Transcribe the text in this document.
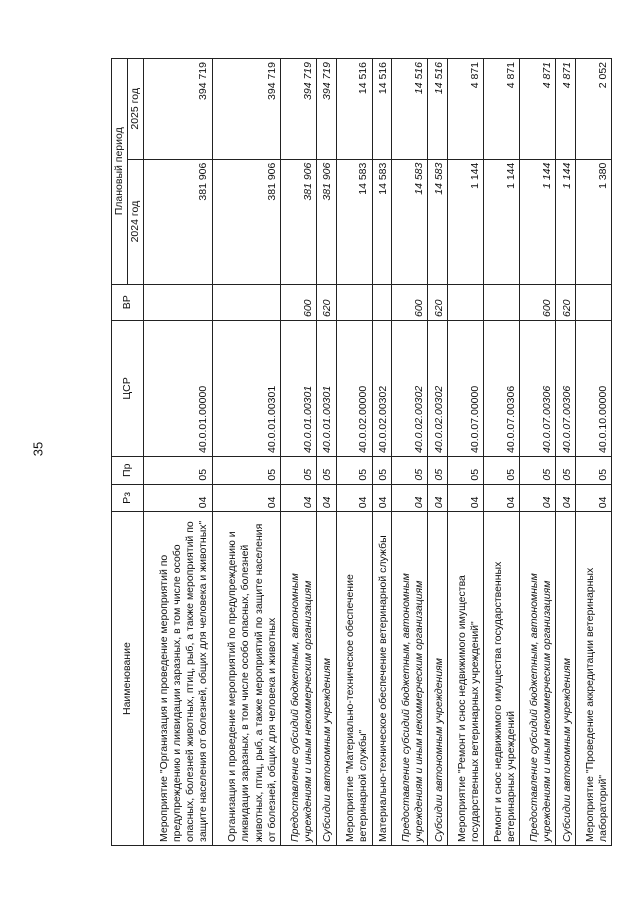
35
Наименование	Рз	Пр	ЦСР	ВР	Плановый период	
					2024 год	2025 год
Мероприятие "Организация и проведение мероприятий по предупреждению и ликвидации заразных, в том числе особо опасных, болезней животных, птиц, рыб, а также мероприятий по защите населения от болезней, общих для человека и животных"	04	05	40.0.01.00000		381 906	394 719
Организация и проведение мероприятий по предупреждению и ликвидации заразных, в том числе особо опасных, болезней животных, птиц, рыб, а также мероприятий по защите населения от болезней, общих для человека и животных	04	05	40.0.01.00301		381 906	394 719
Предоставление субсидий бюджетным, автономным учреждениям и иным некоммерческим организациям	04	05	40.0.01.00301	600	381 906	394 719
Субсидии автономным учреждениям	04	05	40.0.01.00301	620	381 906	394 719
Мероприятие "Материально-техническое обеспечение ветеринарной службы"	04	05	40.0.02.00000		14 583	14 516
Материально-техническое обеспечение ветеринарной службы	04	05	40.0.02.00302		14 583	14 516
Предоставление субсидий бюджетным, автономным учреждениям и иным некоммерческим организациям	04	05	40.0.02.00302	600	14 583	14 516
Субсидии автономным учреждениям	04	05	40.0.02.00302	620	14 583	14 516
Мероприятие "Ремонт и снос недвижимого имущества государственных ветеринарных учреждений"	04	05	40.0.07.00000		1 144	4 871
Ремонт и снос недвижимого имущества государственных ветеринарных учреждений	04	05	40.0.07.00306		1 144	4 871
Предоставление субсидий бюджетным, автономным учреждениям и иным некоммерческим организациям	04	05	40.0.07.00306	600	1 144	4 871
Субсидии автономным учреждениям	04	05	40.0.07.00306	620	1 144	4 871
Мероприятие "Проведение аккредитации ветеринарных лабораторий"	04	05	40.0.10.00000		1 380	2 052
